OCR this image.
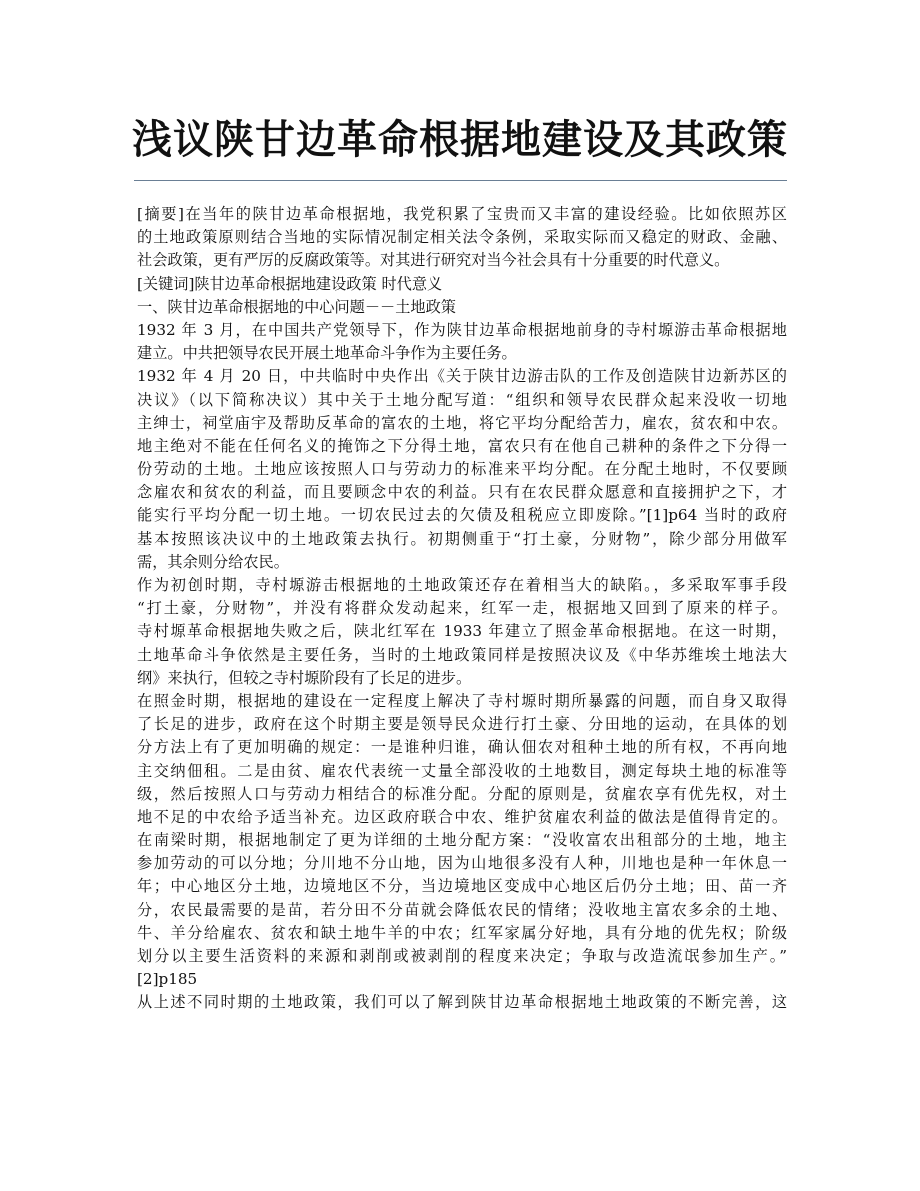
浅议陕甘边革命根据地建设及其政策
[摘要]在当年的陕甘边革命根据地，我党积累了宝贵而又丰富的建设经验。比如依照苏区
的土地政策原则结合当地的实际情况制定相关法令条例，采取实际而又稳定的财政、金融、
社会政策，更有严厉的反腐政策等。对其进行研究对当今社会具有十分重要的时代意义。
[关键词]陕甘边革命根据地建设政策 时代意义
一、陕甘边革命根据地的中心问题－－土地政策
1932 年 3 月，在中国共产党领导下，作为陕甘边革命根据地前身的寺村塬游击革命根据地
建立。中共把领导农民开展土地革命斗争作为主要任务。
1932 年 4 月 20 日，中共临时中央作出《关于陕甘边游击队的工作及创造陕甘边新苏区的
决议》（以下简称决议）其中关于土地分配写道：“组织和领导农民群众起来没收一切地
主绅士，祠堂庙宇及帮助反革命的富农的土地，将它平均分配给苦力，雇农，贫农和中农。
地主绝对不能在任何名义的掩饰之下分得土地，富农只有在他自己耕种的条件之下分得一
份劳动的土地。土地应该按照人口与劳动力的标准来平均分配。在分配土地时，不仅要顾
念雇农和贫农的利益，而且要顾念中农的利益。只有在农民群众愿意和直接拥护之下，才
能实行平均分配一切土地。一切农民过去的欠债及租税应立即废除。”[1]p64 当时的政府
基本按照该决议中的土地政策去执行。初期侧重于“打土豪，分财物”，除少部分用做军
需，其余则分给农民。
作为初创时期，寺村塬游击根据地的土地政策还存在着相当大的缺陷。，多采取军事手段
“打土豪，分财物”，并没有将群众发动起来，红军一走，根据地又回到了原来的样子。
寺村塬革命根据地失败之后，陕北红军在 1933 年建立了照金革命根据地。在这一时期，
土地革命斗争依然是主要任务，当时的土地政策同样是按照决议及《中华苏维埃土地法大
纲》来执行，但较之寺村塬阶段有了长足的进步。
在照金时期，根据地的建设在一定程度上解决了寺村塬时期所暴露的问题，而自身又取得
了长足的进步，政府在这个时期主要是领导民众进行打土豪、分田地的运动，在具体的划
分方法上有了更加明确的规定：一是谁种归谁，确认佃农对租种土地的所有权，不再向地
主交纳佃租。二是由贫、雇农代表统一丈量全部没收的土地数目，测定每块土地的标准等
级，然后按照人口与劳动力相结合的标准分配。分配的原则是，贫雇农享有优先权，对土
地不足的中农给予适当补充。边区政府联合中农、维护贫雇农利益的做法是值得肯定的。
在南梁时期，根据地制定了更为详细的土地分配方案：“没收富农出租部分的土地，地主
参加劳动的可以分地；分川地不分山地，因为山地很多没有人种，川地也是种一年休息一
年；中心地区分土地，边境地区不分，当边境地区变成中心地区后仍分土地；田、苗一齐
分，农民最需要的是苗，若分田不分苗就会降低农民的情绪；没收地主富农多余的土地、
牛、羊分给雇农、贫农和缺土地牛羊的中农；红军家属分好地，具有分地的优先权；阶级
划分以主要生活资料的来源和剥削或被剥削的程度来决定；争取与改造流氓参加生产。”
[2]p185
从上述不同时期的土地政策，我们可以了解到陕甘边革命根据地土地政策的不断完善，这
